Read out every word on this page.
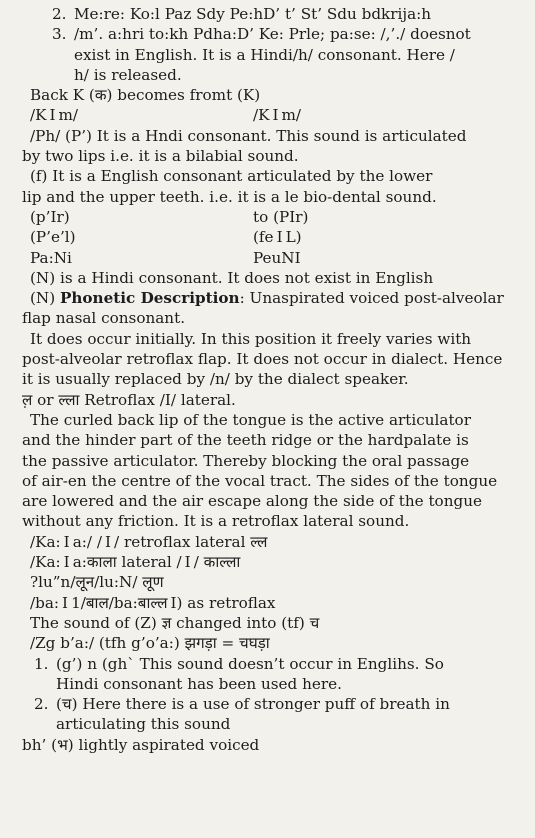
2. Me:re: Ko:l Paz Sdy Pe:hD’ t’ St’ Sdu bdkrija:h
3. /m’. a:hri to:kh Pdha:D’ Ke: Prle; pa:se: /,’./ doesnot
exist in English. It is a Hindi/h/ consonant. Here /
h/ is released.
Back K (क) becomes fromt (K)
/K I m/	/K I m/
/Ph/ (P’) It is a Hndi consonant. This sound is articulated
by two lips i.e. it is a bilabial sound.
(f) It is a English consonant articulated by the lower
lip and the upper teeth. i.e. it is a le bio-dental sound.
(p’Ir)	to (PIr)
(P’e’l)	(fe I L)
Pa:Ni	PeuNI
(N) is a Hindi consonant. It does not exist in English
(N) Phonetic Description: Unaspirated voiced post-alveolar
flap nasal consonant.
It does occur initially. In this position it freely varies with
post-alveolar retroflax flap. It does not occur in dialect. Hence
it is usually replaced by /n/ by the dialect speaker.
ल़ or ल्ला Retroflax /I/ lateral.
The curled back lip of the tongue is the active articulator
and the hinder part of the teeth ridge or the hardpalate is
the passive articulator. Thereby blocking the oral passage
of air-en the centre of the vocal tract. The sides of the tongue
are lowered and the air escape along the side of the tongue
without any friction. It is a retroflax lateral sound.
/Ka: I a:/ / I / retroflax lateral ल्ल
/Ka: I a:काला lateral / I / काल्ला
?lu”n/लून/lu:N/ लूण
/ba: I 1/बाल/ba:बाल्ल I) as retroflax
The sound of (Z) ज्ञ changed into (tf) च
/Zg b’a:/ (tfh g’o’a:) झगड़ा = चघड़ा
1. (g’) n (gh` This sound doesn’t occur in Englihs. So
Hindi consonant has been used here.
2. (च) Here there is a use of stronger puff of breath in
articulating this sound
bh’ (भ) lightly aspirated voiced
